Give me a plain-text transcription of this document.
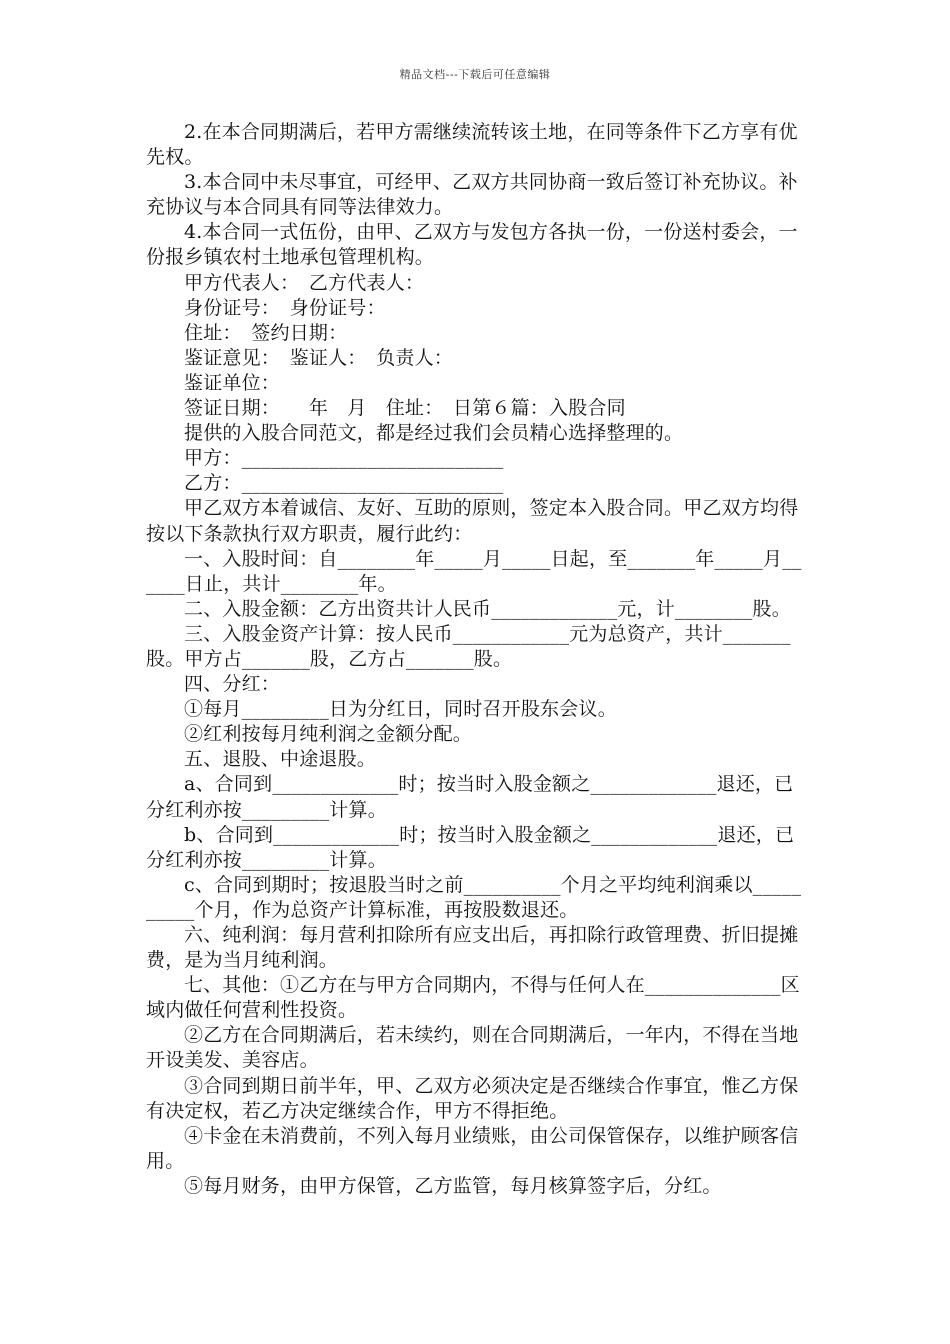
精品文档---下载后可任意编辑

2.在本合同期满后，若甲方需继续流转该土地，在同等条件下乙方享有优先权。

3.本合同中未尽事宜，可经甲、乙双方共同协商一致后签订补充协议。补充协议与本合同具有同等法律效力。

4.本合同一式伍份，由甲、乙双方与发包方各执一份，一份送村委会，一份报乡镇农村土地承包管理机构。

甲方代表人：　乙方代表人：

身份证号：　身份证号：

住址：　签约日期：

鉴证意见：　鉴证人：　负责人：

鉴证单位：

签证日期：　　年　月　住址：　日第６篇：入股合同

提供的入股合同范文，都是经过我们会员精心选择整理的。

甲方：___________________________

乙方：___________________________

甲乙双方本着诚信、友好、互助的原则，签定本入股合同。甲乙双方均得按以下条款执行双方职责，履行此约：

一、入股时间：自________年_____月_____日起，至_______年_____月______日止，共计________年。

二、入股金额：乙方出资共计人民币_____________元，计________股。

三、入股金资产计算：按人民币____________元为总资产，共计_______股。甲方占_______股，乙方占_______股。

四、分红：

①每月_________日为分红日，同时召开股东会议。

②红利按每月纯利润之金额分配。

五、退股、中途退股。

a、合同到_____________时；按当时入股金额之_____________退还，已分红利亦按_________计算。

b、合同到_____________时；按当时入股金额之_____________退还，已分红利亦按_________计算。

c、合同到期时；按退股当时之前__________个月之平均纯利润乘以__________个月，作为总资产计算标准，再按股数退还。

六、纯利润：每月营利扣除所有应支出后，再扣除行政管理费、折旧提摊费，是为当月纯利润。

七、其他：①乙方在与甲方合同期内，不得与任何人在______________区域内做任何营利性投资。

②乙方在合同期满后，若未续约，则在合同期满后，一年内，不得在当地开设美发、美容店。

③合同到期日前半年，甲、乙双方必须决定是否继续合作事宜，惟乙方保有决定权，若乙方决定继续合作，甲方不得拒绝。

④卡金在未消费前，不列入每月业绩账，由公司保管保存，以维护顾客信用。

⑤每月财务，由甲方保管，乙方监管，每月核算签字后，分红。
